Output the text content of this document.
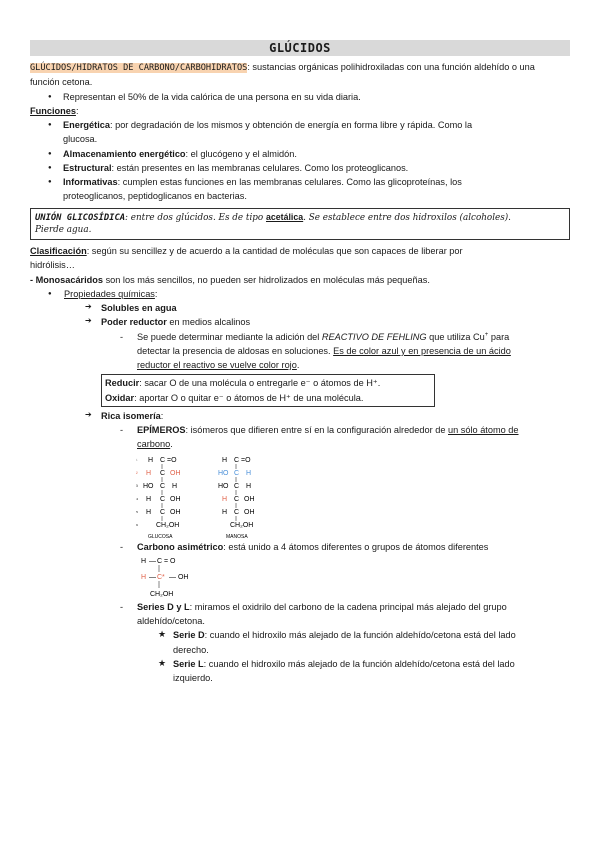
GLÚCIDOS
GLÚCIDOS/HIDRATOS DE CARBONO/CARBOHIDRATOS: sustancias orgánicas polihidroxiladas con una función aldehído o una
función cetona.
● Representan el 50% de la vida calórica de una persona en su vida diaria.
Funciones:
● Energética: por degradación de los mismos y obtención de energía en forma libre y rápida. Como la
glucosa.
● Almacenamiento energético: el glucógeno y el almidón.
● Estructural: están presentes en las membranas celulares. Como los proteoglicanos.
● Informativas: cumplen estas funciones en las membranas celulares. Como las glicoproteínas, los
proteoglicanos, peptidoglicanos en bacterias.
UNIÓN GLICOSÍDICA: entre dos glúcidos. Es de tipo acetálica. Se establece entre dos hidroxilos (alcoholes).
Pierde agua.
Clasificación: según su sencillez y de acuerdo a la cantidad de moléculas que son capaces de liberar por
hidrólisis…
- Monosacáridos son los más sencillos, no pueden ser hidrolizados en moléculas más pequeñas.
● Propiedades químicas:
➔ Solubles en agua
➔ Poder reductor en medios alcalinos
- Se puede determinar mediante la adición del REACTIVO DE FEHLING que utiliza Cu+ para
detectar la presencia de aldosas en soluciones. Es de color azul y en presencia de un ácido
reductor el reactivo se vuelve color rojo.
Reducir: sacar O de una molécula o entregarle e⁻ o átomos de H⁺.
Oxidar: aportar O o quitar e⁻ o átomos de H⁺ de una molécula.
➔ Rica isomería:
- EPÍMEROS: isómeros que difieren entre sí en la configuración alrededor de un sólo átomo de
carbono.
¹ H C =O
² H C OH
³ HO C H
⁴ H C OH
⁵ H C OH
⁶	CH₂OH
GLUCOSA
H C =O
HO C H
HO C H
H C OH
H C OH
CH₂OH
MANOSA
- Carbono asimétrico: está unido a 4 átomos diferentes o grupos de átomos diferentes
H — C = O
H — C* — OH
CH₂OH
- Series D y L: miramos el oxidrilo del carbono de la cadena principal más alejado del grupo
aldehído/cetona.
★ Serie D: cuando el hidroxilo más alejado de la función aldehído/cetona está del lado
derecho.
★ Serie L: cuando el hidroxilo más alejado de la función aldehído/cetona está del lado
izquierdo.
